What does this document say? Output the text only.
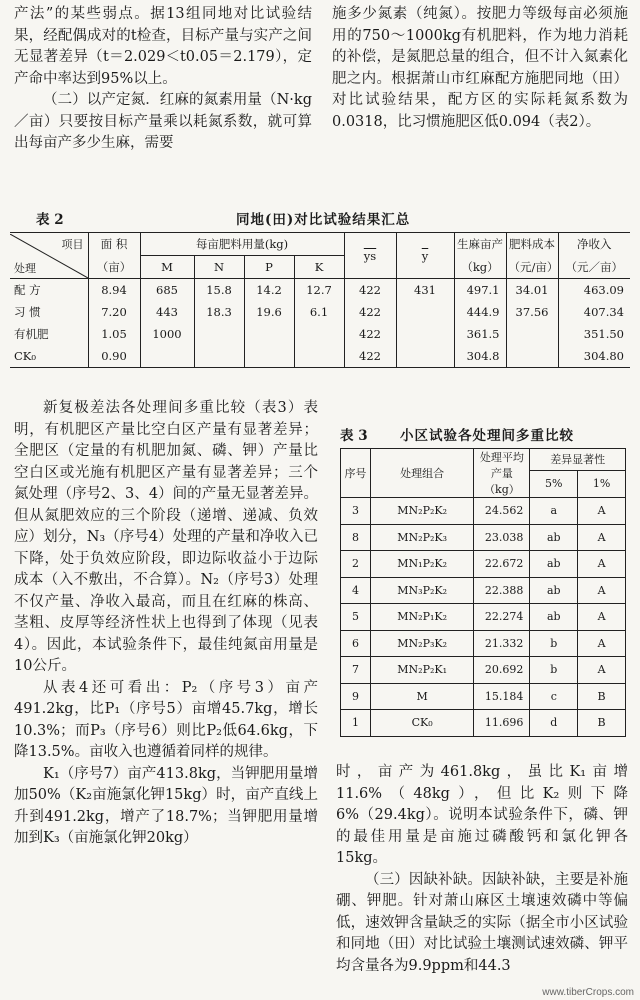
产法”的某些弱点。据13组同地对比试验结果，经配偶成对的t检查，目标产量与实产之间无显著差异（t＝2.029＜t0.05＝2.179），定产命中率达到95%以上。

（二）以产定氮．红麻的氮素用量（N·kg／亩）只要按目标产量乘以耗氮系数，就可算出每亩产多少生麻，需要

施多少氮素（纯氮）。按肥力等级每亩必须施用的750～1000kg有机肥料，作为地力消耗的补偿，是氮肥总量的组合，但不计入氮素化肥之内。根据萧山市红麻配方施肥同地（田）对比试验结果，配方区的实际耗氮系数为0.0318，比习惯施肥区低0.094（表2）。

表 2	同地(田)对比试验结果汇总
项目
处理	面 积	每亩肥料用量(kg)				$\overline{ys}$	$\overline{y}$	生麻亩产	肥料成本	净收入
	（亩）	M	N	P	K			（kg）	（元/亩）	（元／亩）
配 方	8.94	685	15.8	14.2	12.7	422	431	497.1	34.01	463.09
习 惯	7.20	443	18.3	19.6	6.1	422		444.9	37.56	407.34
有机肥	1.05	1000				422		361.5		351.50
CK₀	0.90					422		304.8		304.80

新复极差法各处理间多重比较（表3）表明，有机肥区产量比空白区产量有显著差异；全肥区（定量的有机肥加氮、磷、钾）产量比空白区或光施有机肥区产量有显著差异；三个氮处理（序号2、3、4）间的产量无显著差异。但从氮肥效应的三个阶段（递增、递减、负效应）划分，N₃（序号4）处理的产量和净收入已下降，处于负效应阶段，即边际收益小于边际成本（入不敷出，不合算）。N₂（序号3）处理不仅产量、净收入最高，而且在红麻的株高、茎粗、皮厚等经济性状上也得到了体现（见表4）。因此，本试验条件下，最佳纯氮亩用量是10公斤。

从表4还可看出：P₂（序号3）亩产491.2kg，比P₁（序号5）亩增45.7kg，增长10.3%；而P₃（序号6）则比P₂低64.6kg，下降13.5%。亩收入也遵循着同样的规律。

K₁（序号7）亩产413.8kg，当钾肥用量增加50%（K₂亩施氯化钾15kg）时，亩产直线上升到491.2kg，增产了18.7%；当钾肥用量增加到K₃（亩施氯化钾20kg）

表 3 小区试验各处理间多重比较
序号	处理组合	处理平均产量（kg）	差异显著性	
			5%	1%
3	MN₂P₂K₂	24.562	a	A
8	MN₂P₂K₃	23.038	ab	A
2	MN₁P₂K₂	22.672	ab	A
4	MN₃P₂K₂	22.388	ab	A
5	MN₂P₁K₂	22.274	ab	A
6	MN₂P₃K₂	21.332	b	A
7	MN₂P₂K₁	20.692	b	A
9	M	15.184	c	B
1	CK₀	11.696	d	B

时，亩产为461.8kg，虽比K₁亩增11.6%（48kg），但比K₂则下降6%（29.4kg）。说明本试验条件下，磷、钾的最佳用量是亩施过磷酸钙和氯化钾各15kg。

（三）因缺补缺。因缺补缺，主要是补施硼、钾肥。针对萧山麻区土壤速效磷中等偏低，速效钾含量缺乏的实际（据全市小区试验和同地（田）对比试验土壤测试速效磷、钾平均含量各为9.9ppm和44.3

www.tiberCrops.com
